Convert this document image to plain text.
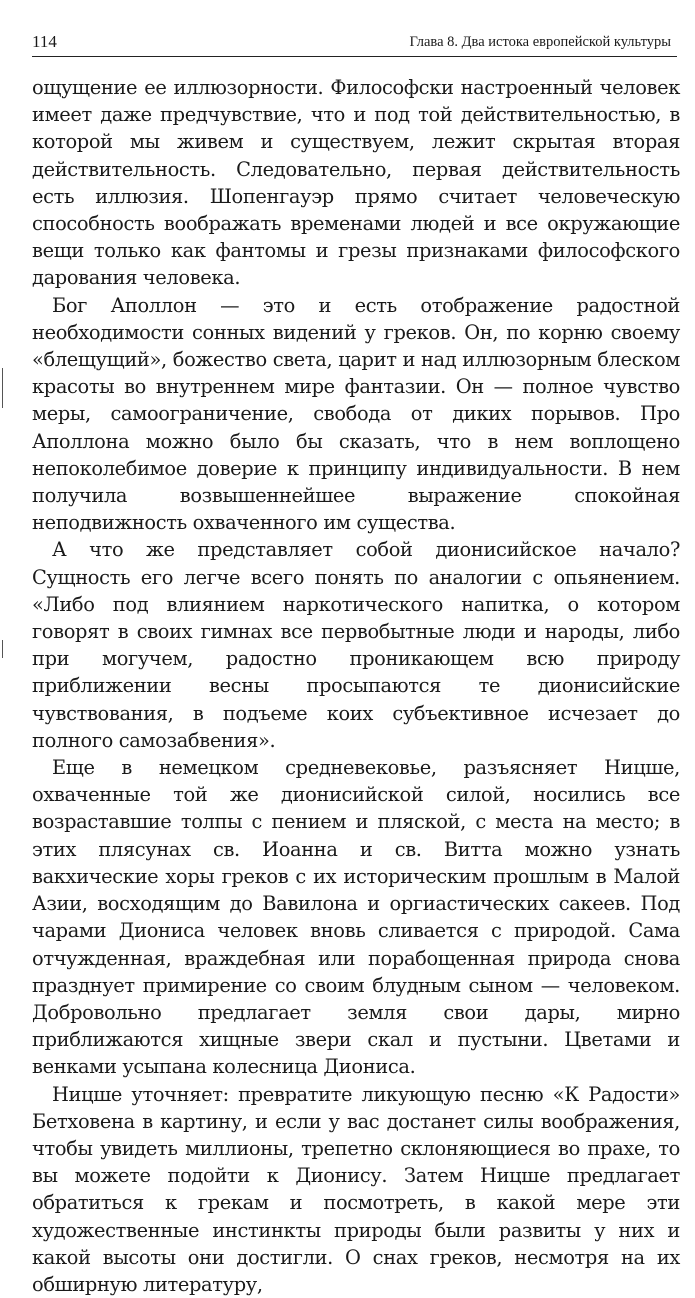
114	Глава 8. Два истока европейской культуры

ощущение ее иллюзорности. Философски настроенный человек имеет даже предчувствие, что и под той действительностью, в которой мы живем и существуем, лежит скрытая вторая действительность. Следовательно, первая действительность есть иллюзия. Шопенгауэр прямо считает человеческую способность воображать временами людей и все окружающие вещи только как фантомы и грезы признаками философского дарования человека.

Бог Аполлон — это и есть отображение радостной необходимости сонных видений у греков. Он, по корню своему «блещущий», божество света, царит и над иллюзорным блеском красоты во внутреннем мире фантазии. Он — полное чувство меры, самоограничение, свобода от диких порывов. Про Аполлона можно было бы сказать, что в нем воплощено непоколебимое доверие к принципу индивидуальности. В нем получила возвышеннейшее выражение спокойная неподвижность охваченного им существа.

А что же представляет собой дионисийское начало? Сущность его легче всего понять по аналогии с опьянением. «Либо под влиянием наркотического напитка, о котором говорят в своих гимнах все первобытные люди и народы, либо при могучем, радостно проникающем всю природу приближении весны просыпаются те дионисийские чувствования, в подъеме коих субъективное исчезает до полного самозабвения».

Еще в немецком средневековье, разъясняет Ницше, охваченные той же дионисийской силой, носились все возраставшие толпы с пением и пляской, с места на место; в этих плясунах св. Иоанна и св. Витта можно узнать вакхические хоры греков с их историческим прошлым в Малой Азии, восходящим до Вавилона и оргиастических сакеев. Под чарами Диониса человек вновь сливается с природой. Сама отчужденная, враждебная или порабощенная природа снова празднует примирение со своим блудным сыном — человеком. Добровольно предлагает земля свои дары, мирно приближаются хищные звери скал и пустыни. Цветами и венками усыпана колесница Диониса.

Ницше уточняет: превратите ликующую песню «К Радости» Бетховена в картину, и если у вас достанет силы воображения, чтобы увидеть миллионы, трепетно склоняющиеся во прахе, то вы можете подойти к Дионису. Затем Ницше предлагает обратиться к грекам и посмотреть, в какой мере эти художественные инстинкты природы были развиты у них и какой высоты они достигли. О снах греков, несмотря на их обширную литературу,
